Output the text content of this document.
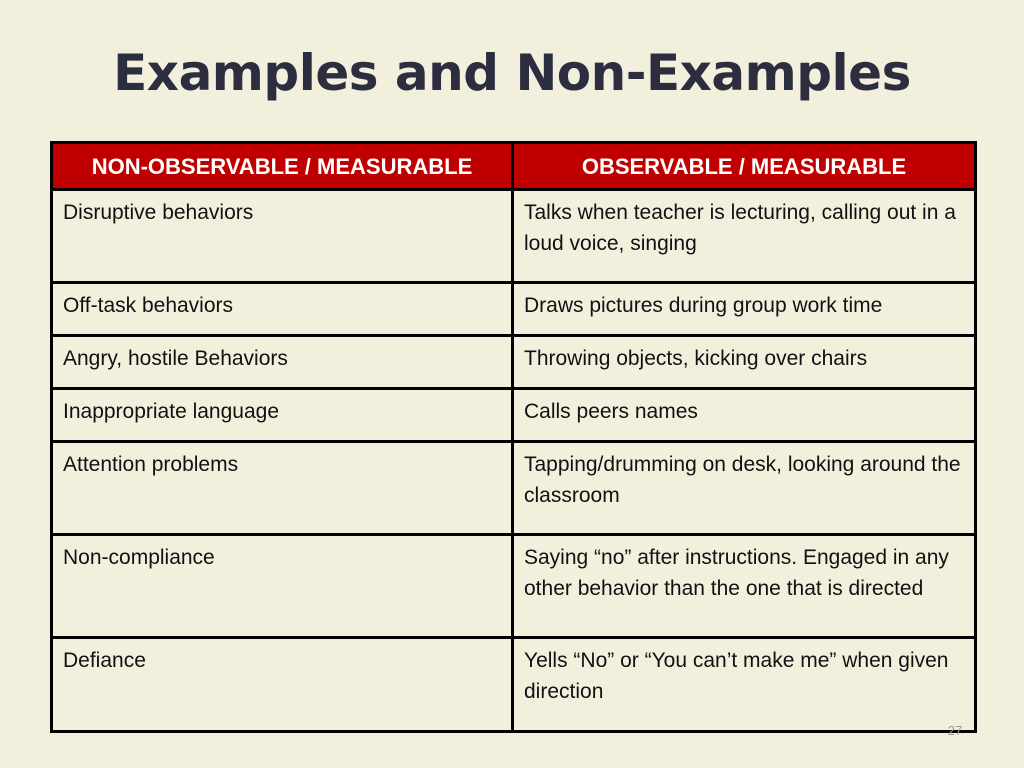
Examples and Non-Examples
NON-OBSERVABLE / MEASURABLE	OBSERVABLE / MEASURABLE
Disruptive behaviors	Talks when teacher is lecturing, calling out in a loud voice, singing
Off-task behaviors	Draws pictures during group work time
Angry, hostile Behaviors	Throwing objects, kicking over chairs
Inappropriate language	Calls peers names
Attention problems	Tapping/drumming on desk, looking around the classroom
Non-compliance	Saying “no” after instructions. Engaged in any other behavior than the one that is directed
Defiance	Yells “No” or “You can’t make me” when given direction
27
